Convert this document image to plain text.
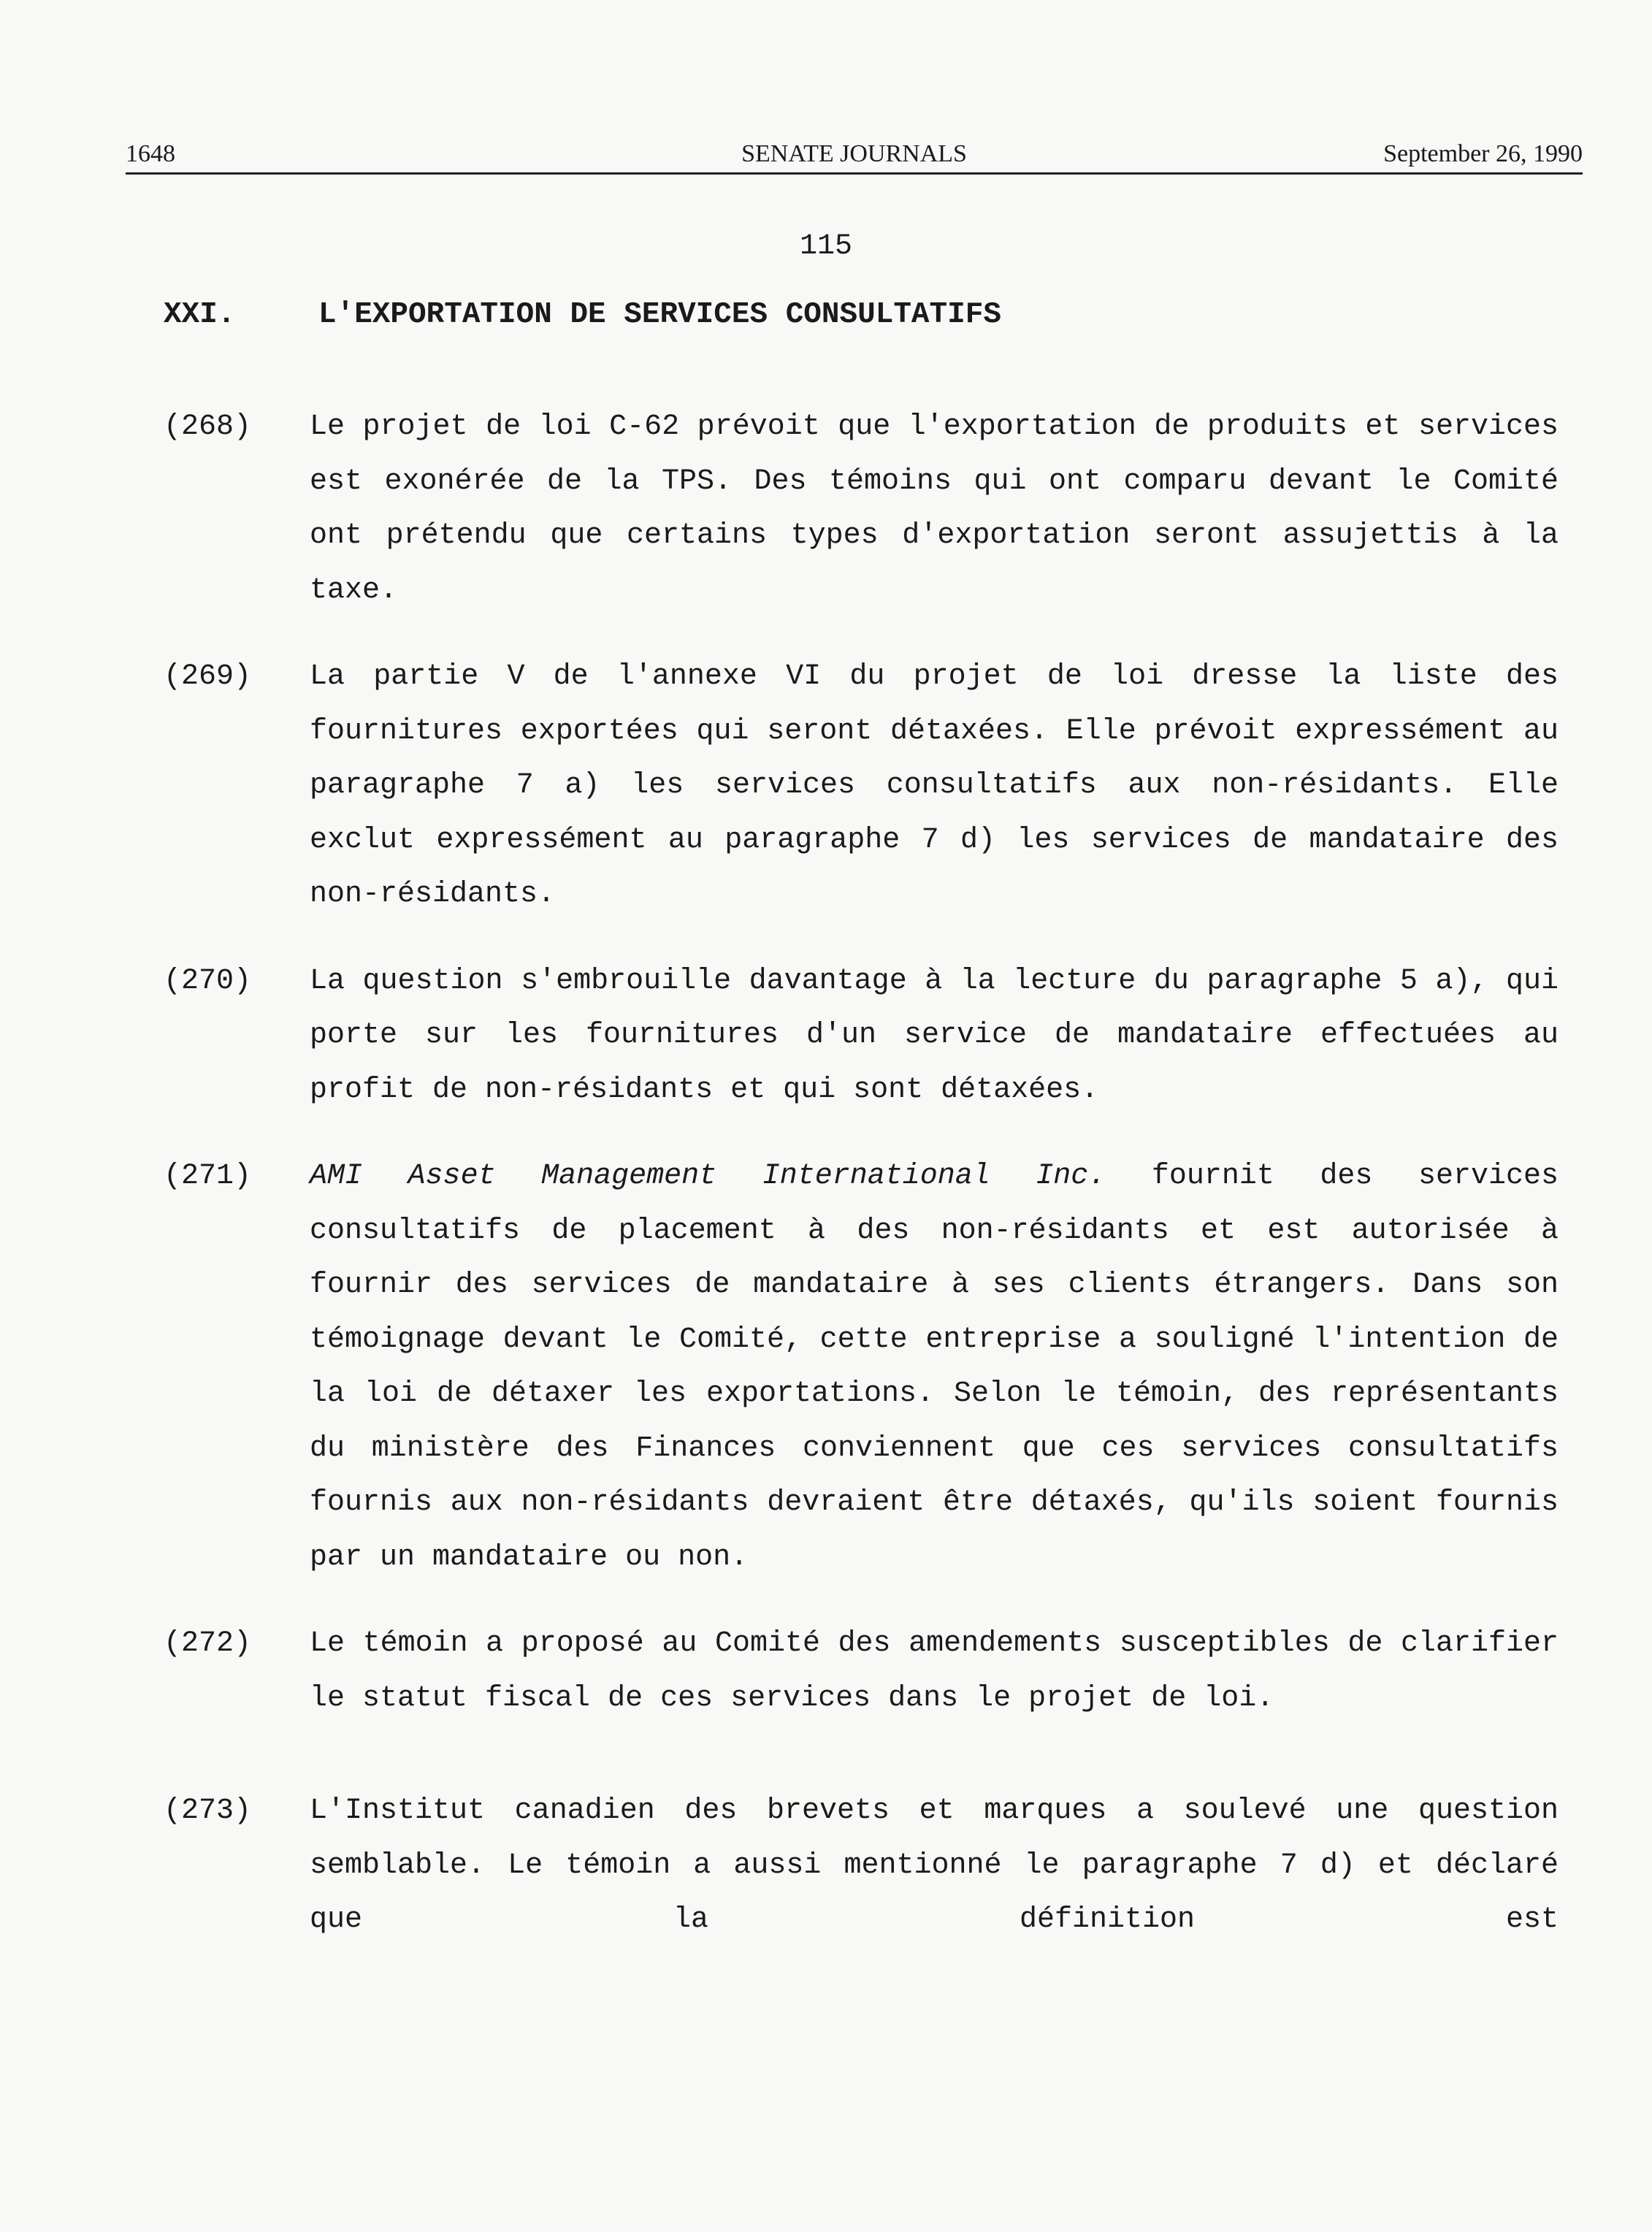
1648	SENATE JOURNALS	September 26, 1990
115
XXI.	L'EXPORTATION DE SERVICES CONSULTATIFS
(268)	Le projet de loi C-62 prévoit que l'exportation de produits et services est exonérée de la TPS. Des témoins qui ont comparu devant le Comité ont prétendu que certains types d'exportation seront assujettis à la taxe.

(269)	La partie V de l'annexe VI du projet de loi dresse la liste des fournitures exportées qui seront détaxées. Elle prévoit expressément au paragraphe 7 a) les services consultatifs aux non-résidants. Elle exclut expressément au paragraphe 7 d) les services de mandataire des non-résidants.

(270)	La question s'embrouille davantage à la lecture du paragraphe 5 a), qui porte sur les fournitures d'un service de mandataire effectuées au profit de non-résidants et qui sont détaxées.

(271)	AMI Asset Management International Inc. fournit des services consultatifs de placement à des non-résidants et est autorisée à fournir des services de mandataire à ses clients étrangers. Dans son témoignage devant le Comité, cette entreprise a souligné l'intention de la loi de détaxer les exportations. Selon le témoin, des représentants du ministère des Finances conviennent que ces services consultatifs fournis aux non-résidants devraient être détaxés, qu'ils soient fournis par un mandataire ou non.

(272)	Le témoin a proposé au Comité des amendements susceptibles de clarifier le statut fiscal de ces services dans le projet de loi.

(273)	L'Institut canadien des brevets et marques a soulevé une question semblable. Le témoin a aussi mentionné le paragraphe 7 d) et déclaré que la définition est
